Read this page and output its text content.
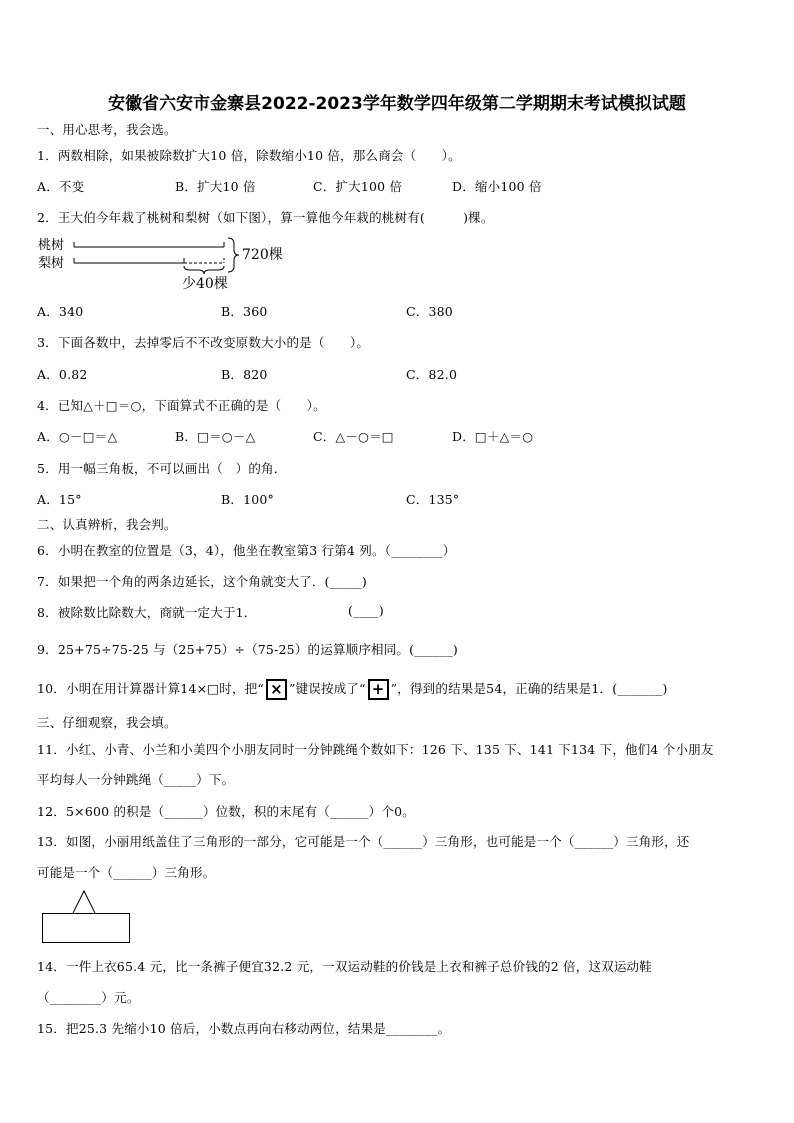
安徽省六安市金寨县2022-2023学年数学四年级第二学期期末考试模拟试题
一、用心思考，我会选。
1．两数相除，如果被除数扩大10 倍，除数缩小10 倍，那么商会（　　）。
A．不变	B．扩大10 倍	C．扩大100 倍	D．缩小100 倍
2．王大伯今年栽了桃树和梨树（如下图），算一算他今年栽的桃树有(　　　)棵。
桃树
梨树
720棵
少40棵
A．340	B．360	C．380
3．下面各数中，去掉零后不不改变原数大小的是（　　）。
A．0.82	B．820	C．82.0
4．已知△＋□＝○，下面算式不正确的是（　　）。
A．○－□＝△	B．□＝○－△	C．△－○＝□	D．□＋△＝○
5．用一幅三角板，不可以画出（　）的角．
A．15°	B．100°	C．135°
二、认真辨析，我会判。
6．小明在教室的位置是（3，4），他坐在教室第3 行第4 列。（________）
7．如果把一个角的两条边延长，这个角就变大了．(_____)
8．被除数比除数大，商就一定大于1．	(____)
9．25+75÷75-25 与（25+75）÷（75-25）的运算顺序相同。(______)
10．小明在用计算器计算14×□时，把“ × ”键误按成了“ + ”，得到的结果是54，正确的结果是1．(_______)
三、仔细观察，我会填。
11．小红、小青、小兰和小美四个小朋友同时一分钟跳绳个数如下：126 下、135 下、141 下134 下，他们4 个小朋友
平均每人一分钟跳绳（_____）下。
12．5×600 的积是（______）位数，积的末尾有（______）个0。
13．如图，小丽用纸盖住了三角形的一部分，它可能是一个（______）三角形，也可能是一个（______）三角形，还
可能是一个（______）三角形。
14．一件上衣65.4 元，比一条裤子便宜32.2 元，一双运动鞋的价钱是上衣和裤子总价钱的2 倍，这双运动鞋
（________）元。
15．把25.3 先缩小10 倍后，小数点再向右移动两位，结果是________。
